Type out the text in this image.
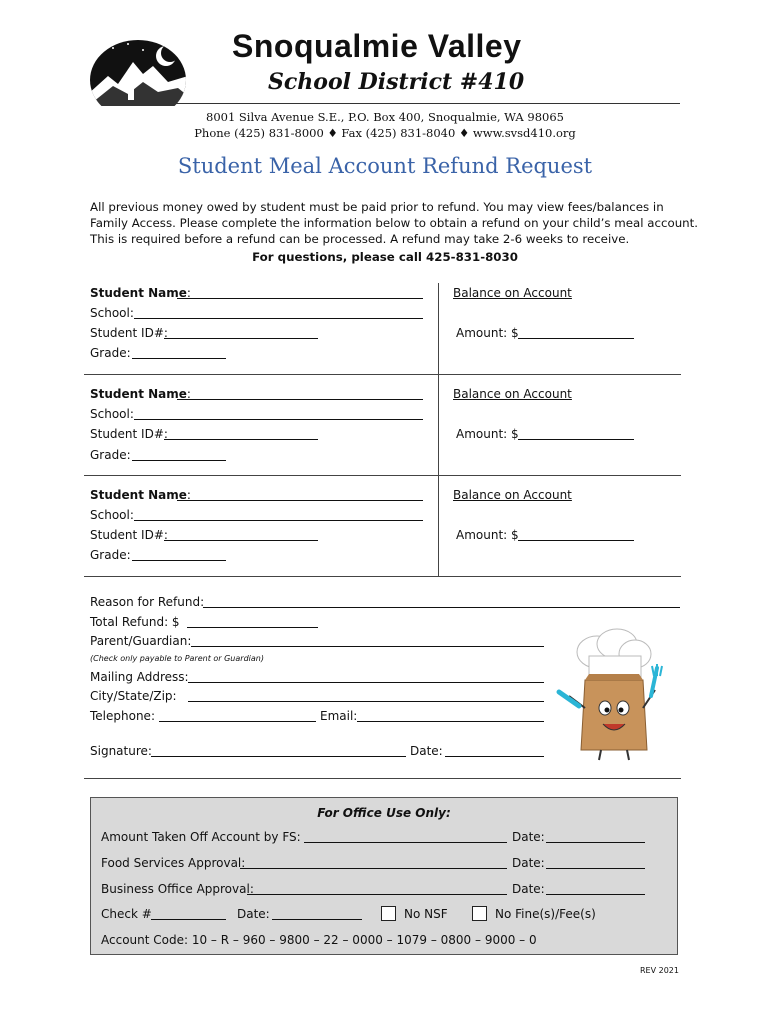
Snoqualmie Valley
School District #410
8001 Silva Avenue S.E., P.O. Box 400, Snoqualmie, WA 98065
Phone (425) 831-8000 ♦ Fax (425) 831-8040 ♦ www.svsd410.org
Student Meal Account Refund Request
All previous money owed by student must be paid prior to refund. You may view fees/balances in
Family Access. Please complete the information below to obtain a refund on your child’s meal account.
This is required before a refund can be processed. A refund may take 2-6 weeks to receive.
For questions, please call 425-831-8030
Student Name:
School:
Student ID#:
Grade:
Balance on Account
Amount: $
Student Name:
School:
Student ID#:
Grade:
Balance on Account
Amount: $
Student Name:
School:
Student ID#:
Grade:
Balance on Account
Amount: $
Reason for Refund:
Total Refund: $
Parent/Guardian:
(Check only payable to Parent or Guardian)
Mailing Address:
City/State/Zip:
Telephone:	Email:
Signature:	Date:
For Office Use Only:
Amount Taken Off Account by FS:	Date:
Food Services Approval:	Date:
Business Office Approval:	Date:
Check #	Date:	No NSF	No Fine(s)/Fee(s)
Account Code: 10 – R – 960 – 9800 – 22 – 0000 – 1079 – 0800 – 9000 – 0
REV 2021
